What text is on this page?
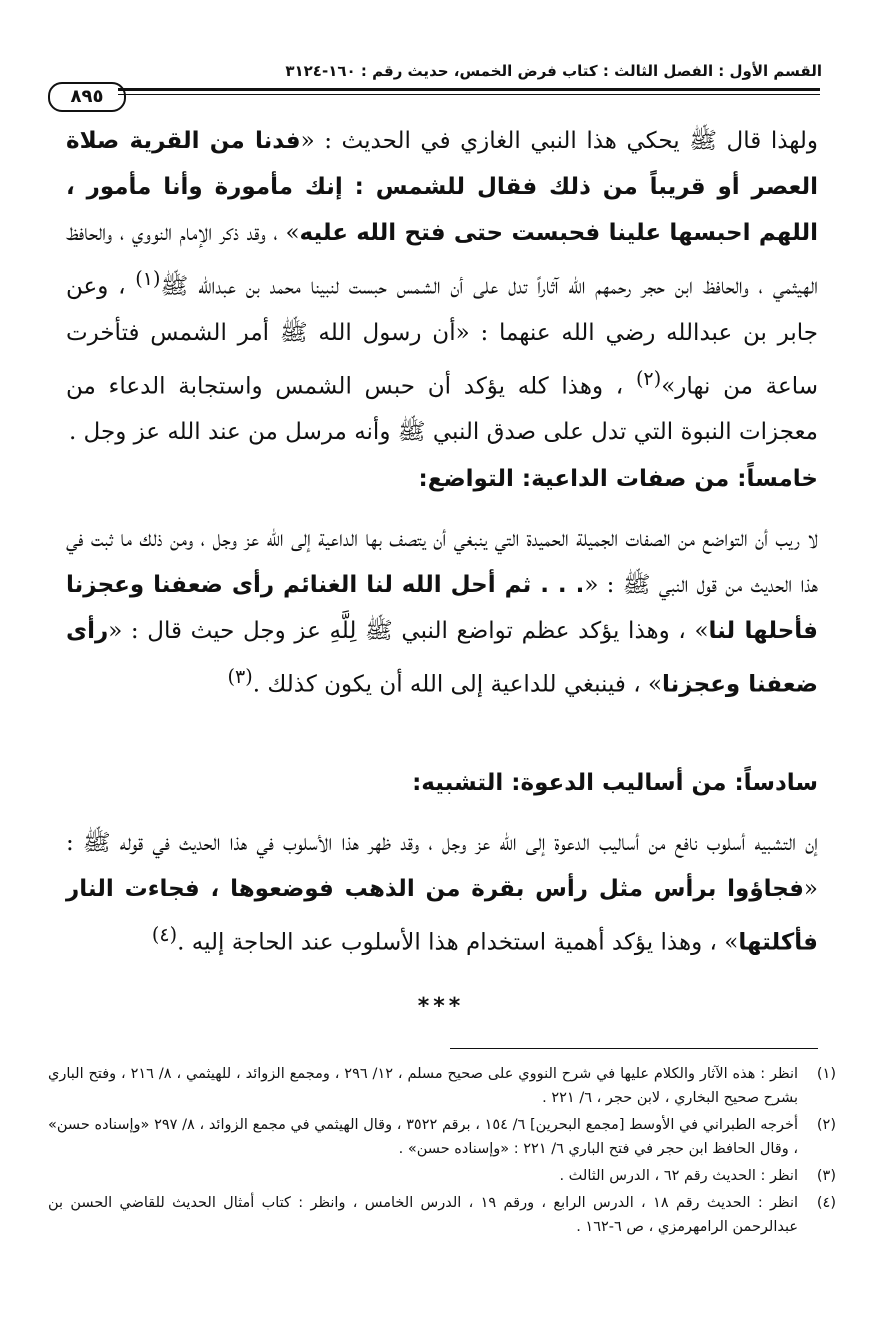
القسم الأول : الفصل الثالث : كتاب فرض الخمس، حديث رقم : ١٦٠-٣١٢٤
٨٩٥

ولهذا قال ﷺ يحكي هذا النبي الغازي في الحديث : «فدنا من القرية صلاة العصر أو قريباً من ذلك فقال للشمس : إنك مأمورة وأنا مأمور ، اللهم احبسها علينا فحبست حتى فتح الله عليه» ، وقد ذكر الإمام النووي ، والحافظ الهيثمي ، والحافظ ابن حجر رحمهم الله آثاراً تدل على أن الشمس حبست لنبينا محمد بن عبدالله ﷺ$^{(١)}$ ، وعن جابر بن عبدالله رضي الله عنهما : «أن رسول الله ﷺ أمر الشمس فتأخرت ساعة من نهار»$^{(٢)}$ ، وهذا كله يؤكد أن حبس الشمس واستجابة الدعاء من معجزات النبوة التي تدل على صدق النبي ﷺ وأنه مرسل من عند الله عز وجل .

خامساً: من صفات الداعية: التواضع:

لا ريب أن التواضع من الصفات الجميلة الحميدة التي ينبغي أن يتصف بها الداعية إلى الله عز وجل ، ومن ذلك ما ثبت في هذا الحديث من قول النبي ﷺ : «. . . ثم أحل الله لنا الغنائم رأى ضعفنا وعجزنا فأحلها لنا» ، وهذا يؤكد عظم تواضع النبي ﷺ لِلَّهِ عز وجل حيث قال : «رأى ضعفنا وعجزنا» ، فينبغي للداعية إلى الله أن يكون كذلك .$^{(٣)}$

سادساً: من أساليب الدعوة: التشبيه:

إن التشبيه أسلوب نافع من أساليب الدعوة إلى الله عز وجل ، وقد ظهر هذا الأسلوب في هذا الحديث في قوله ﷺ : «فجاؤوا برأس مثل رأس بقرة من الذهب فوضعوها ، فجاءت النار فأكلتها» ، وهذا يؤكد أهمية استخدام هذا الأسلوب عند الحاجة إليه .$^{(٤)}$

***
(١)
انظر : هذه الآثار والكلام عليها في شرح النووي على صحيح مسلم ، ١٢/ ٢٩٦ ، ومجمع الزوائد ، للهيثمي ، ٨/ ٢١٦ ، وفتح الباري بشرح صحيح البخاري ، لابن حجر ، ٦/ ٢٢١ .
(٢)
أخرجه الطبراني في الأوسط [مجمع البحرين] ٦/ ١٥٤ ، برقم ٣٥٢٢ ، وقال الهيثمي في مجمع الزوائد ، ٨/ ٢٩٧ «وإسناده حسن» ، وقال الحافظ ابن حجر في فتح الباري ٦/ ٢٢١ : «وإسناده حسن» .
(٣)
انظر : الحديث رقم ٦٢ ، الدرس الثالث .
(٤)
انظر : الحديث رقم ١٨ ، الدرس الرابع ، ورقم ١٩ ، الدرس الخامس ، وانظر : كتاب أمثال الحديث للقاضي الحسن بن عبدالرحمن الرامهرمزي ، ص ٦-١٦٢ .
